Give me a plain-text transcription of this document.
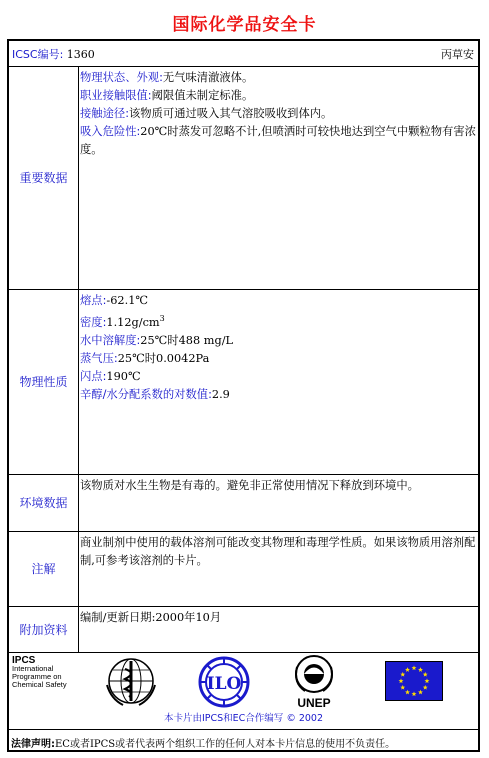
国际化学品安全卡
ICSC编号: 1360	丙草安
重要数据
物理状态、外观:无气味清澈液体。
职业接触限值:阈限值未制定标准。
接触途径:该物质可通过吸入其气溶胶吸收到体内。
吸入危险性:20℃时蒸发可忽略不计,但喷洒时可较快地达到空气中颗粒物有害浓度。
物理性质
熔点:-62.1℃
密度$:1.12g/cm^3$
水中溶解度:25℃时488 mg/L
蒸气压:25℃时0.0042Pa
闪点:190℃
辛醇/水分配系数的对数值:2.9
环境数据
该物质对水生生物是有毒的。避免非正常使用情况下释放到环境中。
注解
商业制剂中使用的载体溶剂可能改变其物理和毒理学性质。如果该物质用溶剂配制,可参考该溶剂的卡片。
附加资料
编制/更新日期:2000年10月
IPCS
International
Programme on
Chemical Safety	ILO
UNEP
本卡片由IPCS和EC合作编写 © 2002
法律声明:EC或者IPCS或者代表两个组织工作的任何人对本卡片信息的使用不负责任。
